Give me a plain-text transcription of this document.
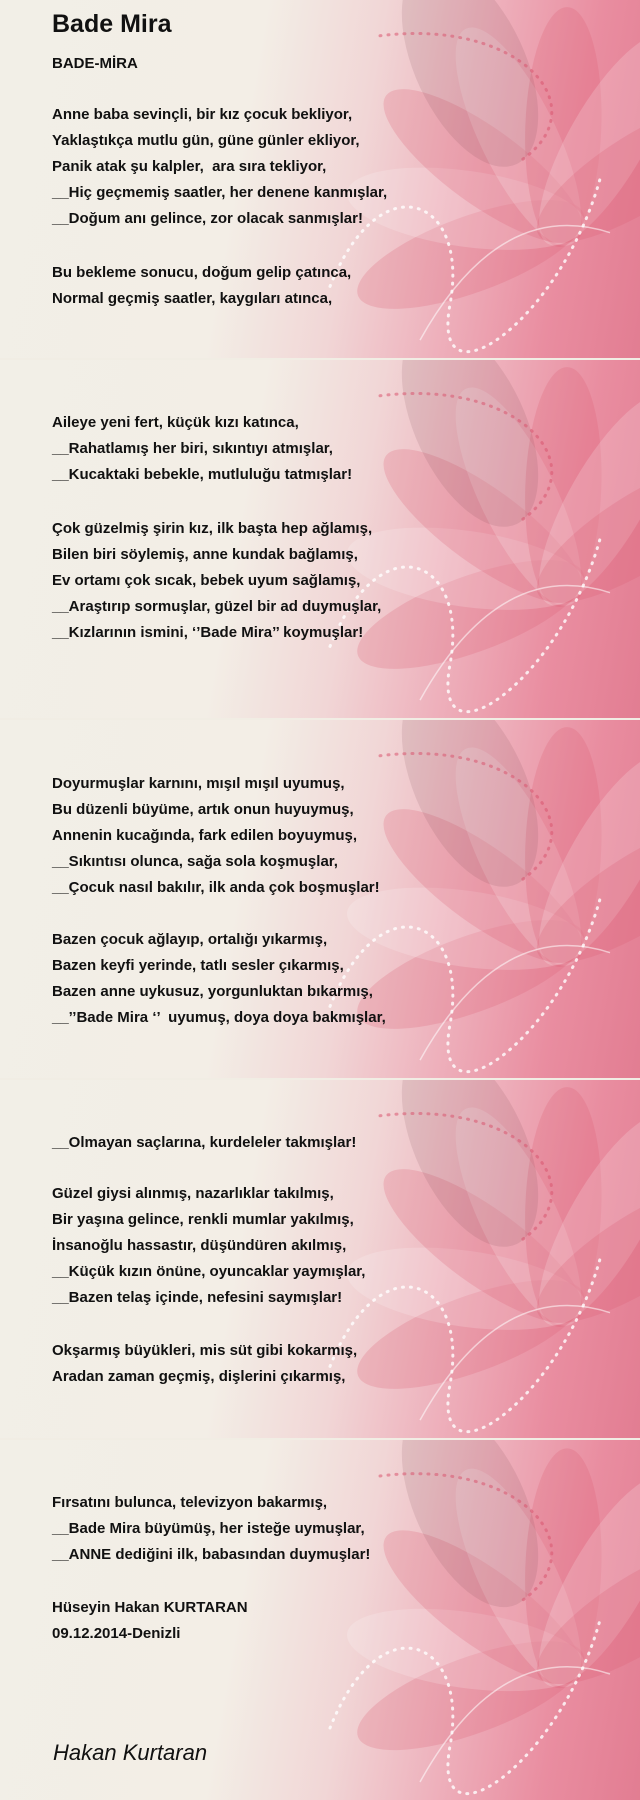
Bade Mira
BADE-MİRA
Anne baba sevinçli, bir kız çocuk bekliyor,
Yaklaştıkça mutlu gün, güne günler ekliyor,
Panik atak şu kalpler,  ara sıra tekliyor,
__Hiç geçmemiş saatler, her denene kanmışlar,
__Doğum anı gelince, zor olacak sanmışlar!
Bu bekleme sonucu, doğum gelip çatınca,
Normal geçmiş saatler, kaygıları atınca,
Aileye yeni fert, küçük kızı katınca,
__Rahatlamış her biri, sıkıntıyı atmışlar,
__Kucaktaki bebekle, mutluluğu tatmışlar!
Çok güzelmiş şirin kız, ilk başta hep ağlamış,
Bilen biri söylemiş, anne kundak bağlamış,
Ev ortamı çok sıcak, bebek uyum sağlamış,
__Araştırıp sormuşlar, güzel bir ad duymuşlar,
__Kızlarının ismini, ‘’Bade Mira’’ koymuşlar!
Doyurmuşlar karnını, mışıl mışıl uyumuş,
Bu düzenli büyüme, artık onun huyuymuş,
Annenin kucağında, fark edilen boyuymuş,
__Sıkıntısı olunca, sağa sola koşmuşlar,
__Çocuk nasıl bakılır, ilk anda çok boşmuşlar!
Bazen çocuk ağlayıp, ortalığı yıkarmış,
Bazen keyfi yerinde, tatlı sesler çıkarmış,
Bazen anne uykusuz, yorgunluktan bıkarmış,
__’’Bade Mira ‘’  uyumuş, doya doya bakmışlar,
__Olmayan saçlarına, kurdeleler takmışlar!
Güzel giysi alınmış, nazarlıklar takılmış,
Bir yaşına gelince, renkli mumlar yakılmış,
İnsanoğlu hassastır, düşündüren akılmış,
__Küçük kızın önüne, oyuncaklar yaymışlar,
__Bazen telaş içinde, nefesini saymışlar!
Okşarmış büyükleri, mis süt gibi kokarmış,
Aradan zaman geçmiş, dişlerini çıkarmış,
Fırsatını bulunca, televizyon bakarmış,
__Bade Mira büyümüş, her isteğe uymuşlar,
__ANNE dediğini ilk, babasından duymuşlar!
Hüseyin Hakan KURTARAN
09.12.2014-Denizli
Hakan Kurtaran
